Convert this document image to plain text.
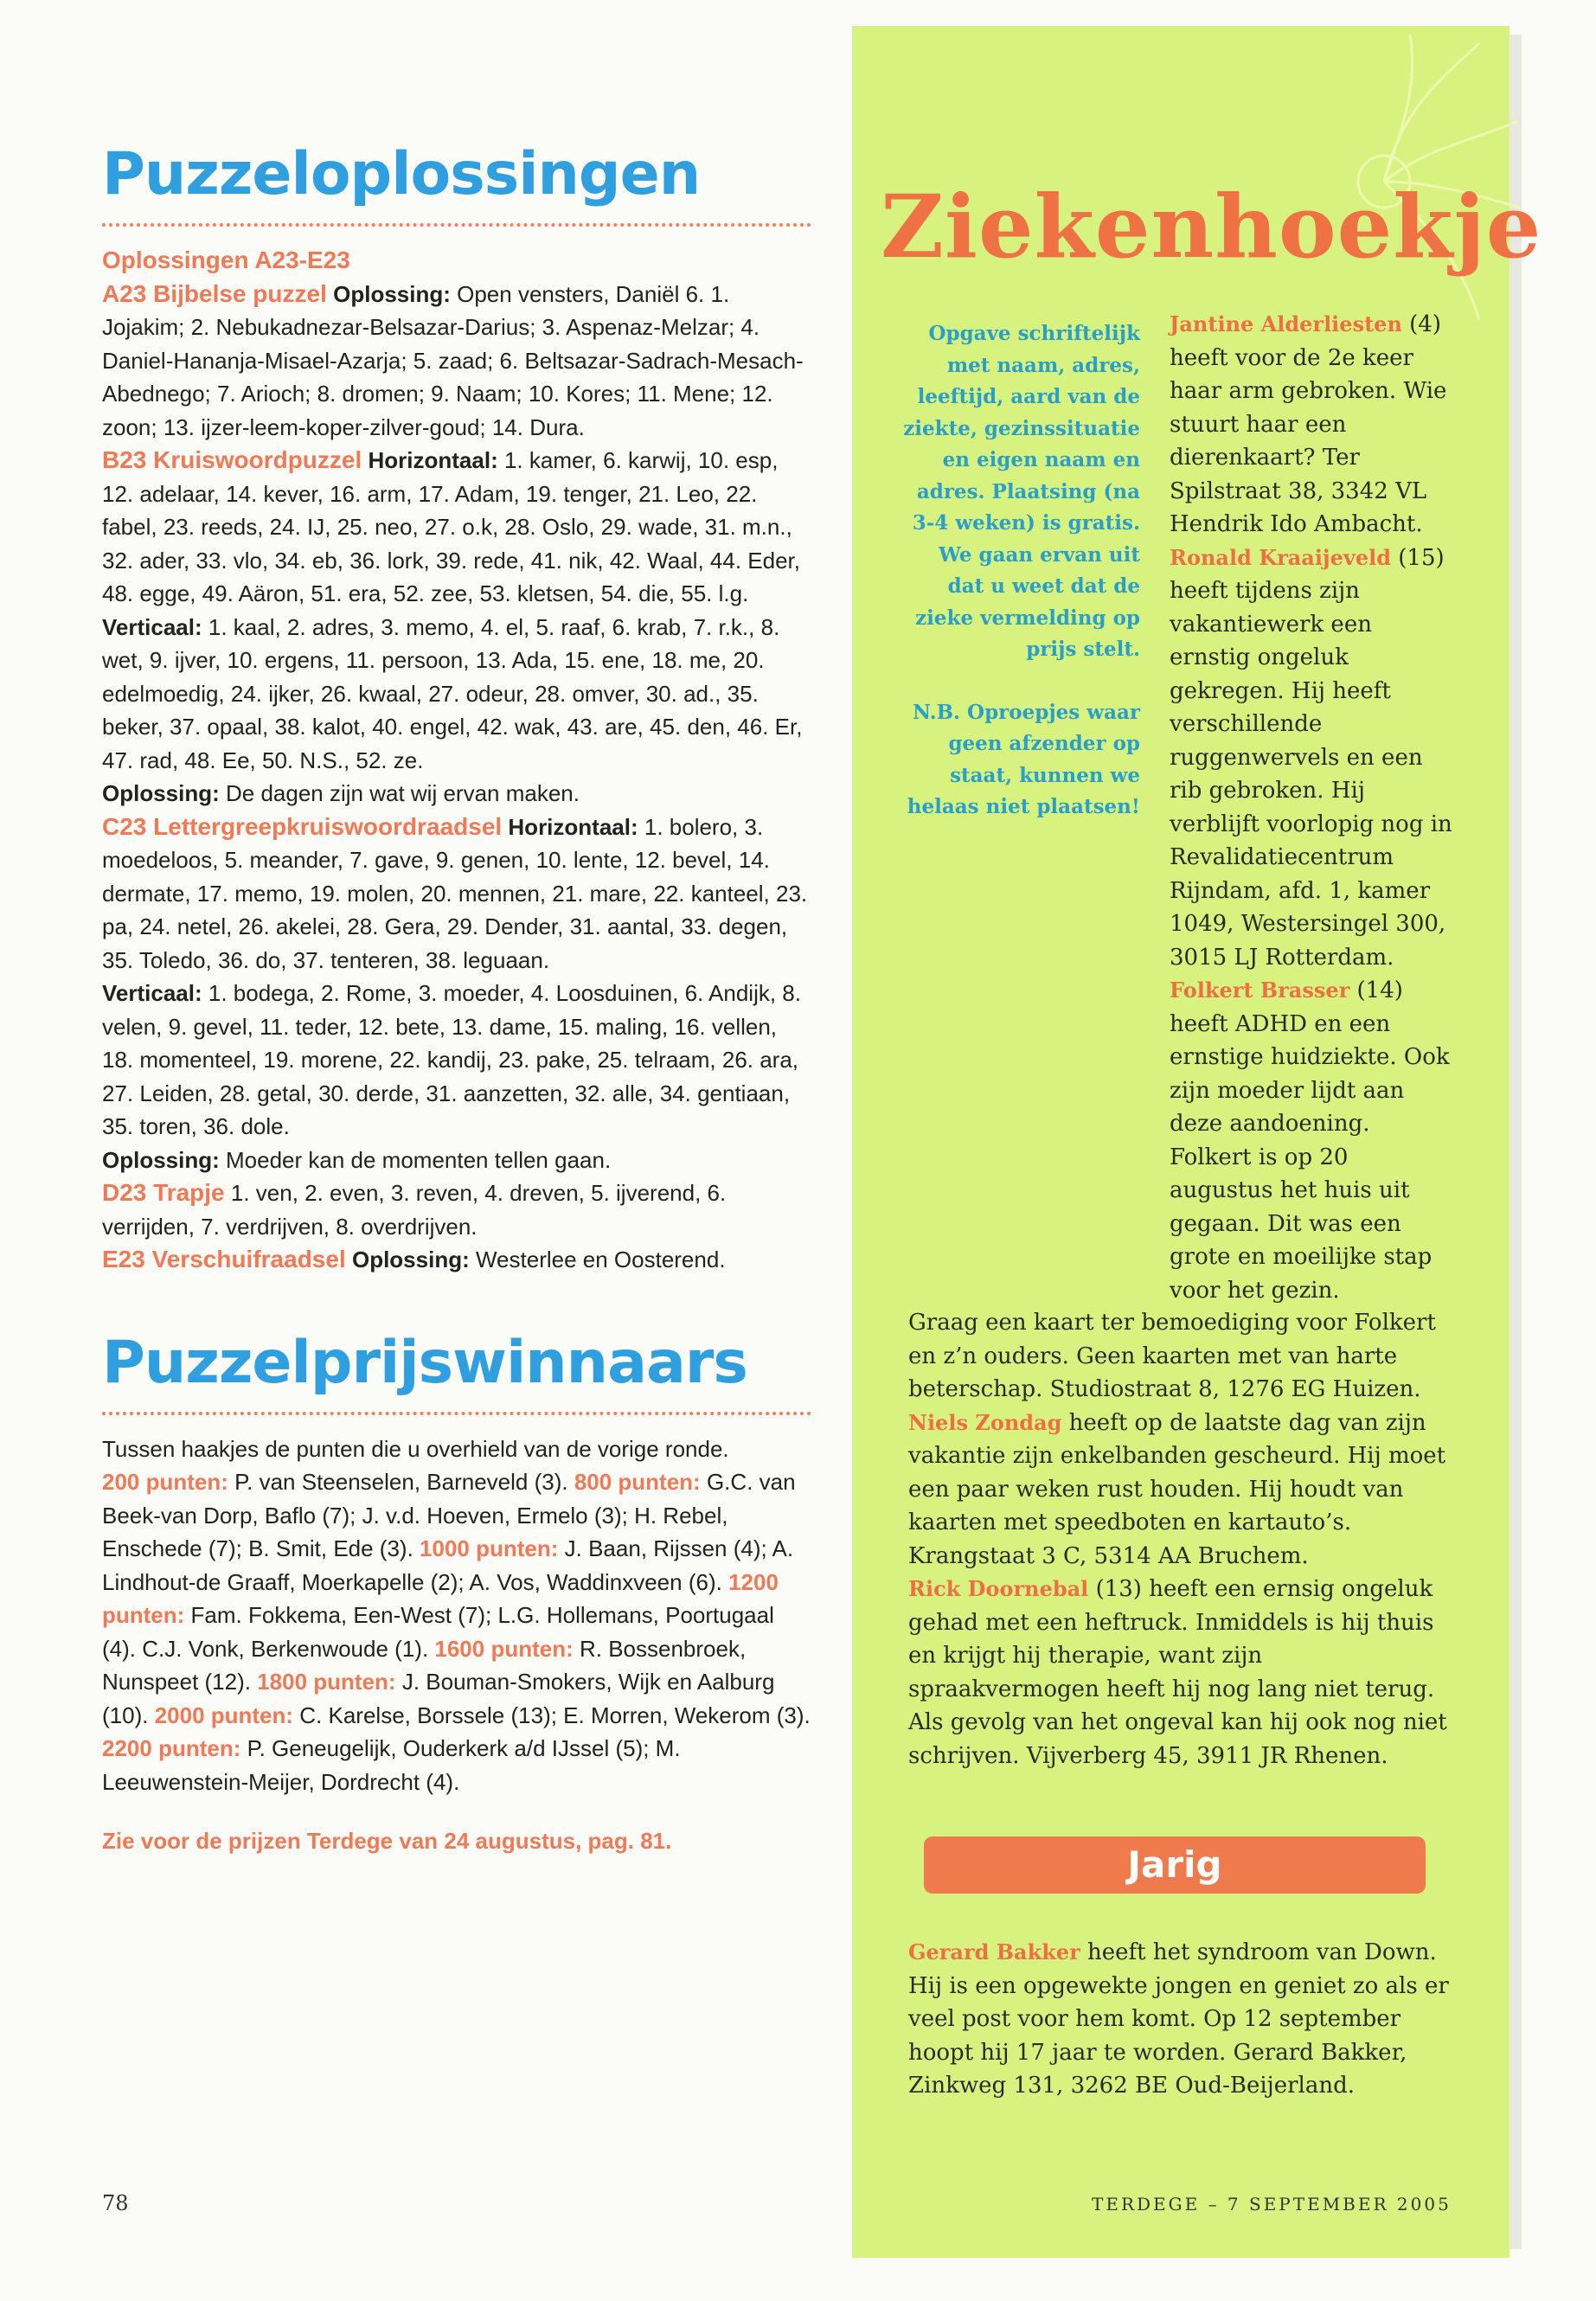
Puzzeloplossingen

Oplossingen A23-E23
A23 Bijbelse puzzel Oplossing: Open vensters, Daniël 6. 1. Jojakim; 2. Nebukadnezar-Belsazar-Darius; 3. Aspenaz-Melzar; 4. Daniel-Hananja-Misael-Azarja; 5. zaad; 6. Beltsazar-Sadrach-Mesach-Abednego; 7. Arioch; 8. dromen; 9. Naam; 10. Kores; 11. Mene; 12. zoon; 13. ijzer-leem-koper-zilver-goud; 14. Dura.
B23 Kruiswoordpuzzel Horizontaal: 1. kamer, 6. karwij, 10. esp, 12. adelaar, 14. kever, 16. arm, 17. Adam, 19. tenger, 21. Leo, 22. fabel, 23. reeds, 24. IJ, 25. neo, 27. o.k, 28. Oslo, 29. wade, 31. m.n., 32. ader, 33. vlo, 34. eb, 36. lork, 39. rede, 41. nik, 42. Waal, 44. Eder, 48. egge, 49. Aäron, 51. era, 52. zee, 53. kletsen, 54. die, 55. l.g.
Verticaal: 1. kaal, 2. adres, 3. memo, 4. el, 5. raaf, 6. krab, 7. r.k., 8. wet, 9. ijver, 10. ergens, 11. persoon, 13. Ada, 15. ene, 18. me, 20. edelmoedig, 24. ijker, 26. kwaal, 27. odeur, 28. omver, 30. ad., 35. beker, 37. opaal, 38. kalot, 40. engel, 42. wak, 43. are, 45. den, 46. Er, 47. rad, 48. Ee, 50. N.S., 52. ze.
Oplossing: De dagen zijn wat wij ervan maken.
C23 Lettergreepkruiswoordraadsel Horizontaal: 1. bolero, 3. moedeloos, 5. meander, 7. gave, 9. genen, 10. lente, 12. bevel, 14. dermate, 17. memo, 19. molen, 20. mennen, 21. mare, 22. kanteel, 23. pa, 24. netel, 26. akelei, 28. Gera, 29. Dender, 31. aantal, 33. degen, 35. Toledo, 36. do, 37. tenteren, 38. leguaan.
Verticaal: 1. bodega, 2. Rome, 3. moeder, 4. Loosduinen, 6. Andijk, 8. velen, 9. gevel, 11. teder, 12. bete, 13. dame, 15. maling, 16. vellen, 18. momenteel, 19. morene, 22. kandij, 23. pake, 25. telraam, 26. ara, 27. Leiden, 28. getal, 30. derde, 31. aanzetten, 32. alle, 34. gentiaan, 35. toren, 36. dole.
Oplossing: Moeder kan de momenten tellen gaan.
D23 Trapje 1. ven, 2. even, 3. reven, 4. dreven, 5. ijverend, 6. verrijden, 7. verdrijven, 8. overdrijven.
E23 Verschuifraadsel Oplossing: Westerlee en Oosterend.

Puzzelprijswinnaars

Tussen haakjes de punten die u overhield van de vorige ronde.
200 punten: P. van Steenselen, Barneveld (3). 800 punten: G.C. van Beek-van Dorp, Baflo (7); J. v.d. Hoeven, Ermelo (3); H. Rebel, Enschede (7); B. Smit, Ede (3). 1000 punten: J. Baan, Rijssen (4); A. Lindhout-de Graaff, Moerkapelle (2); A. Vos, Waddinxveen (6). 1200 punten: Fam. Fokkema, Een-West (7); L.G. Hollemans, Poortugaal (4). C.J. Vonk, Berkenwoude (1). 1600 punten: R. Bossenbroek, Nunspeet (12). 1800 punten: J. Bouman-Smokers, Wijk en Aalburg (10). 2000 punten: C. Karelse, Borssele (13); E. Morren, Wekerom (3). 2200 punten: P. Geneugelijk, Ouderkerk a/d IJssel (5); M. Leeuwenstein-Meijer, Dordrecht (4).

Zie voor de prijzen Terdege van 24 augustus, pag. 81.

Ziekenhoekje

Opgave schriftelijk met naam, adres, leeftijd, aard van de ziekte, gezinssituatie en eigen naam en adres. Plaatsing (na 3-4 weken) is gratis. We gaan ervan uit dat u weet dat de zieke vermelding op prijs stelt.

N.B. Oproepjes waar geen afzender op staat, kunnen we helaas niet plaatsen!

Jantine Alderliesten (4) heeft voor de 2e keer haar arm gebroken. Wie stuurt haar een dierenkaart? Ter Spilstraat 38, 3342 VL Hendrik Ido Ambacht.

Ronald Kraaijeveld (15) heeft tijdens zijn vakantiewerk een ernstig ongeluk gekregen. Hij heeft verschillende ruggenwervels en een rib gebroken. Hij verblijft voorlopig nog in Revalidatiecentrum Rijndam, afd. 1, kamer 1049, Westersingel 300, 3015 LJ Rotterdam.

Folkert Brasser (14) heeft ADHD en een ernstige huidziekte. Ook zijn moeder lijdt aan deze aandoening. Folkert is op 20 augustus het huis uit gegaan. Dit was een grote en moeilijke stap voor het gezin.

Graag een kaart ter bemoediging voor Folkert en z’n ouders. Geen kaarten met van harte beterschap. Studiostraat 8, 1276 EG Huizen.

Niels Zondag heeft op de laatste dag van zijn vakantie zijn enkelbanden gescheurd. Hij moet een paar weken rust houden. Hij houdt van kaarten met speedboten en kartauto’s. Krangstaat 3 C, 5314 AA Bruchem.

Rick Doornebal (13) heeft een ernsig ongeluk gehad met een heftruck. Inmiddels is hij thuis en krijgt hij therapie, want zijn spraakvermogen heeft hij nog lang niet terug. Als gevolg van het ongeval kan hij ook nog niet schrijven. Vijverberg 45, 3911 JR Rhenen.

Jarig

Gerard Bakker heeft het syndroom van Down. Hij is een opgewekte jongen en geniet zo als er veel post voor hem komt. Op 12 september hoopt hij 17 jaar te worden. Gerard Bakker, Zinkweg 131, 3262 BE Oud-Beijerland.

78	TERDEGE – 7 SEPTEMBER 2005
